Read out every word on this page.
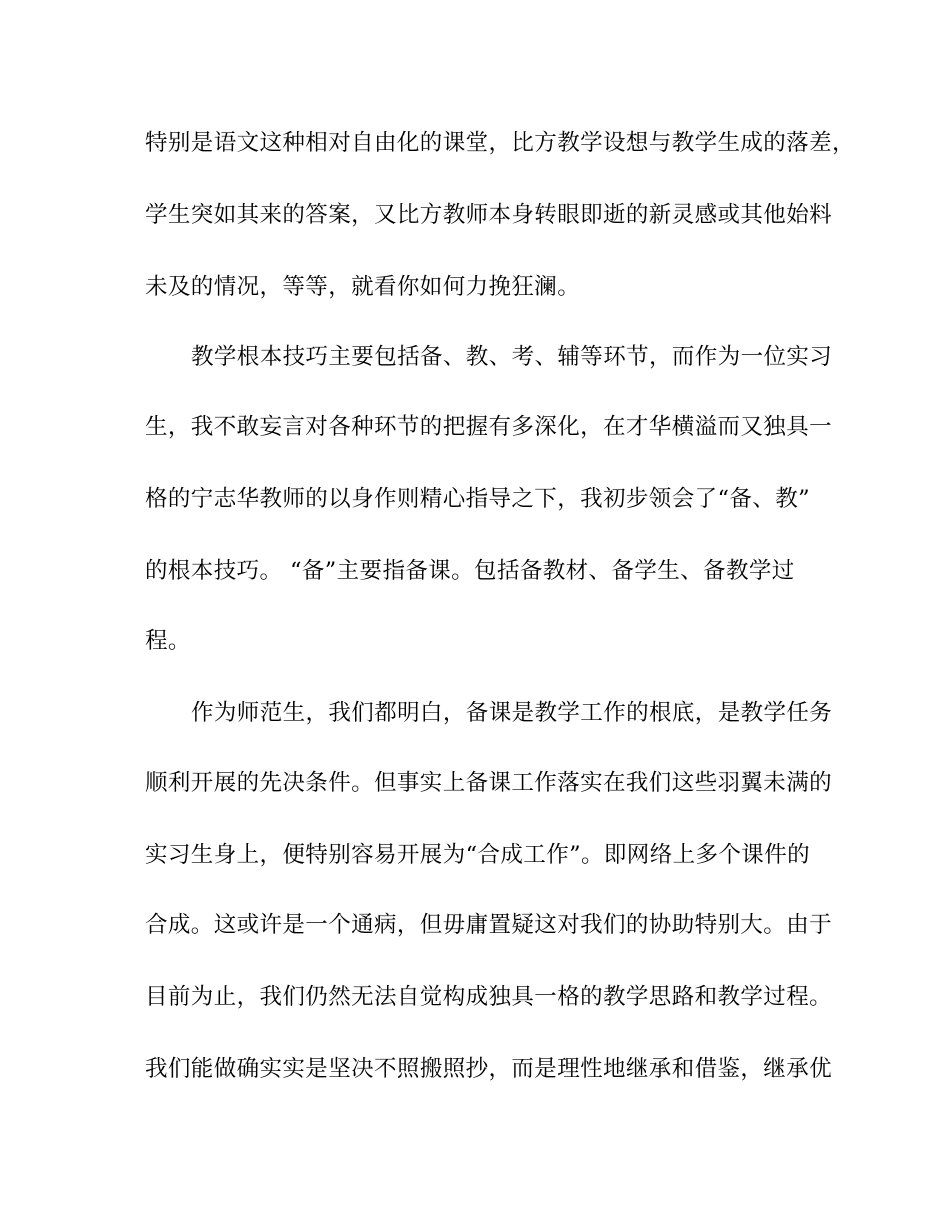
特别是语文这种相对自由化的课堂，比方教学设想与教学生成的落差，
学生突如其来的答案，又比方教师本身转眼即逝的新灵感或其他始料
未及的情况，等等，就看你如何力挽狂澜。
教学根本技巧主要包括备、教、考、辅等环节，而作为一位实习
生，我不敢妄言对各种环节的把握有多深化，在才华横溢而又独具一
格的宁志华教师的以身作则精心指导之下，我初步领会了“备、教”
的根本技巧。 “备”主要指备课。包括备教材、备学生、备教学过
程。
作为师范生，我们都明白，备课是教学工作的根底，是教学任务
顺利开展的先决条件。但事实上备课工作落实在我们这些羽翼未满的
实习生身上，便特别容易开展为“合成工作”。即网络上多个课件的
合成。这或许是一个通病，但毋庸置疑这对我们的协助特别大。由于
目前为止，我们仍然无法自觉构成独具一格的教学思路和教学过程。
我们能做确实实是坚决不照搬照抄，而是理性地继承和借鉴，继承优
